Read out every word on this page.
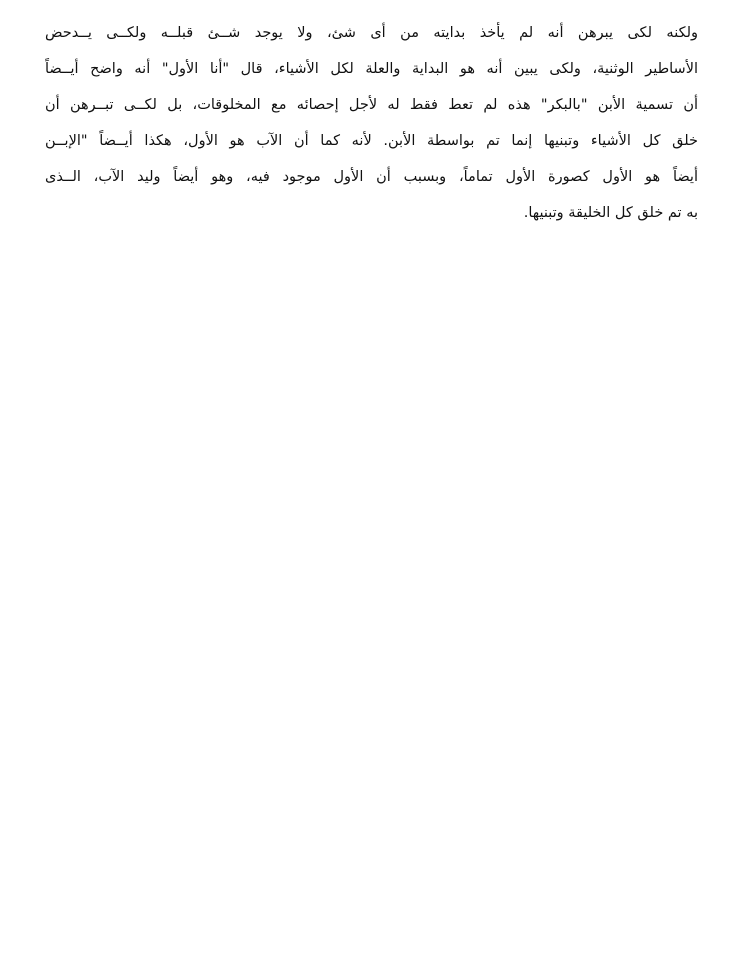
ولكنه لكى يبرهن أنه لم يأخذ بدايته من أى شئ، ولا يوجد شــئ قبلــه ولكــى يــدحض
الأساطير الوثنية، ولكى يبين أنه هو البداية والعلة لكل الأشياء، قال "أنا الأول" أنه واضح أيــضاً
أن تسمية الأبن "بالبكر" هذه لم تعط فقط له لأجل إحصائه مع المخلوقات، بل لكــى تبــرهن أن
خلق كل الأشياء وتبنيها إنما تم بواسطة الأبن. لأنه كما أن الآب هو الأول، هكذا أيــضاً "الإبــن
أيضاً هو الأول كصورة الأول تماماً، وبسبب أن الأول موجود فيه، وهو أيضاً وليد الآب، الــذى
به تم خلق كل الخليقة وتبنيها.
